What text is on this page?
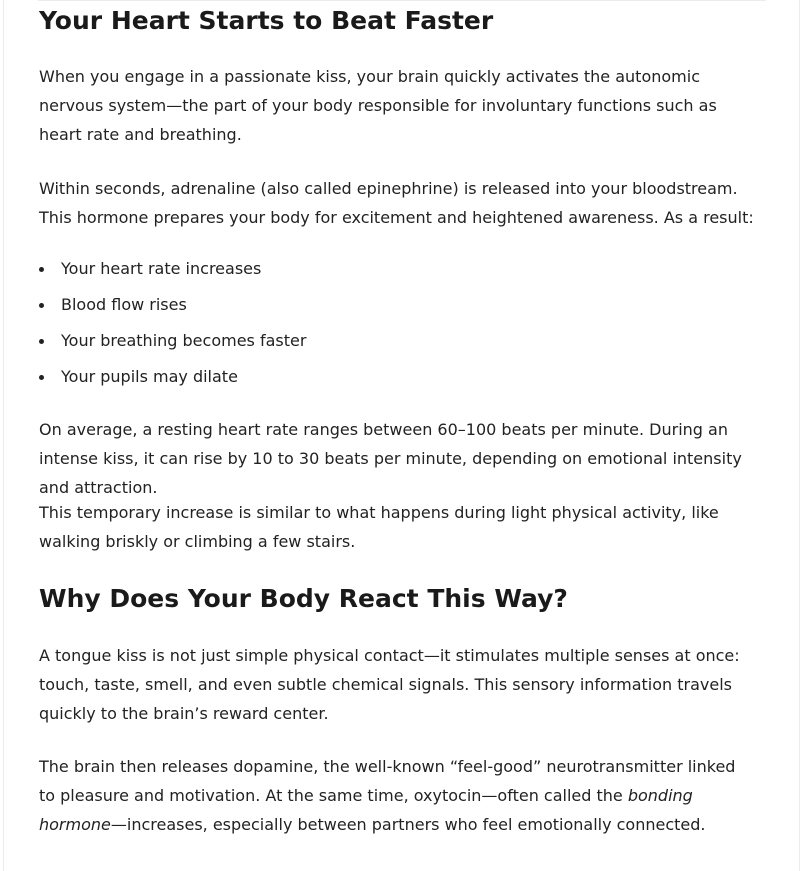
Your Heart Starts to Beat Faster

When you engage in a passionate kiss, your brain quickly activates the autonomic nervous system—the part of your body responsible for involuntary functions such as heart rate and breathing.

Within seconds, adrenaline (also called epinephrine) is released into your bloodstream. This hormone prepares your body for excitement and heightened awareness. As a result:

Your heart rate increases
Blood flow rises
Your breathing becomes faster
Your pupils may dilate

On average, a resting heart rate ranges between 60–100 beats per minute. During an intense kiss, it can rise by 10 to 30 beats per minute, depending on emotional intensity and attraction.

This temporary increase is similar to what happens during light physical activity, like walking briskly or climbing a few stairs.

Why Does Your Body React This Way?

A tongue kiss is not just simple physical contact—it stimulates multiple senses at once: touch, taste, smell, and even subtle chemical signals. This sensory information travels quickly to the brain’s reward center.

The brain then releases dopamine, the well-known “feel-good” neurotransmitter linked to pleasure and motivation. At the same time, oxytocin—often called the bonding hormone—increases, especially between partners who feel emotionally connected.
